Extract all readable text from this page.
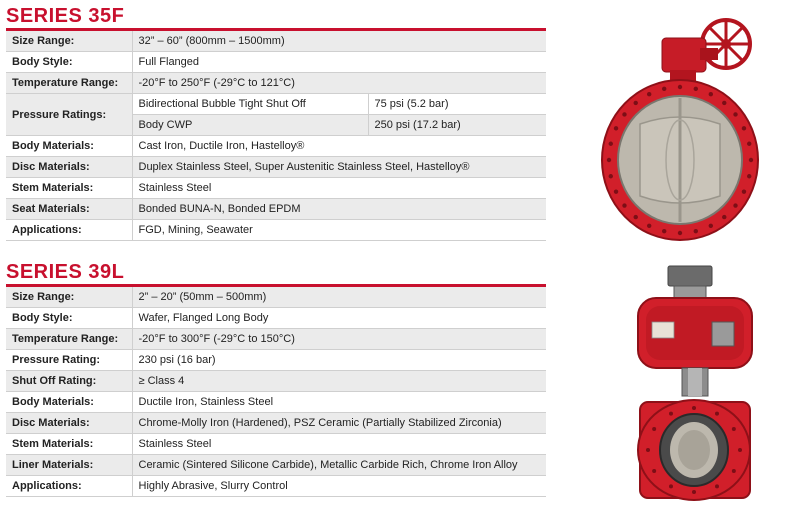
SERIES 35F
Size Range:	32” – 60” (800mm – 1500mm)	
Body Style:	Full Flanged	
Temperature Range:	-20°F to 250°F (-29°C to 121°C)	
Pressure Ratings:	Bidirectional Bubble Tight Shut Off	75 psi (5.2 bar)
	Body CWP	250 psi (17.2 bar)
Body Materials:	Cast Iron, Ductile Iron, Hastelloy®	
Disc Materials:	Duplex Stainless Steel, Super Austenitic Stainless Steel, Hastelloy®	
Stem Materials:	Stainless Steel	
Seat Materials:	Bonded BUNA-N, Bonded EPDM	
Applications:	FGD, Mining, Seawater	
SERIES 39L
Size Range:	2” – 20” (50mm – 500mm)
Body Style:	Wafer, Flanged Long Body
Temperature Range:	-20°F to 300°F (-29°C to 150°C)
Pressure Rating:	230 psi (16 bar)
Shut Off Rating:	≥ Class 4
Body Materials:	Ductile Iron, Stainless Steel
Disc Materials:	Chrome-Molly Iron (Hardened), PSZ Ceramic (Partially Stabilized Zirconia)
Stem Materials:	Stainless Steel
Liner Materials:	Ceramic (Sintered Silicone Carbide), Metallic Carbide Rich, Chrome Iron Alloy
Applications:	Highly Abrasive, Slurry Control
